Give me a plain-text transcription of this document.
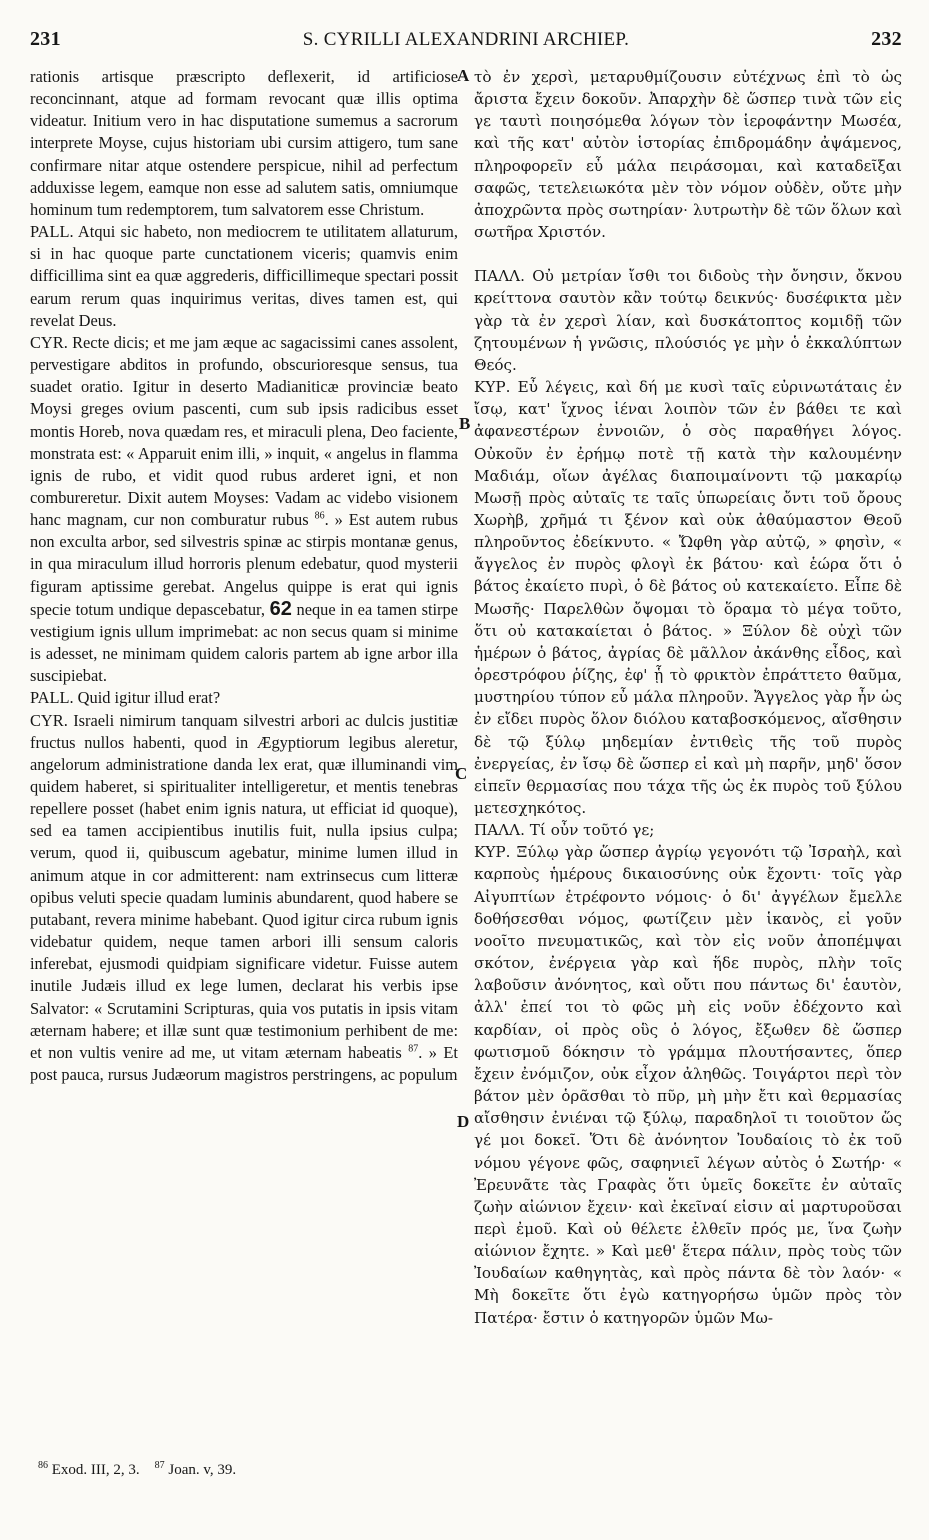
231	S. CYRILLI ALEXANDRINI ARCHIEP.	232

rationis artisque præscripto deflexerit, id artificiose reconcinnant, atque ad formam revocant quæ illis optima videatur. Initium vero in hac disputatione sumemus a sacrorum interprete Moyse, cujus historiam ubi cursim attigero, tum sane confirmare nitar atque ostendere perspicue, nihil ad perfectum adduxisse legem, eamque non esse ad salutem satis, omniumque hominum tum redemptorem, tum salvatorem esse Christum.

PALL. Atqui sic habeto, non mediocrem te utilitatem allaturum, si in hac quoque parte cunctationem viceris; quamvis enim difficillima sint ea quæ aggrederis, difficillimeque spectari possit earum rerum quas inquirimus veritas, dives tamen est, qui revelat Deus.

CYR. Recte dicis; et me jam æque ac sagacissimi canes assolent, pervestigare abditos in profundo, obscurioresque sensus, tua suadet oratio. Igitur in deserto Madianiticæ provinciæ beato Moysi greges ovium pascenti, cum sub ipsis radicibus esset montis Horeb, nova quædam res, et miraculi plena, Deo faciente, monstrata est: « Apparuit enim illi, » inquit, « angelus in flamma ignis de rubo, et vidit quod rubus arderet igni, et non combureretur. Dixit autem Moyses: Vadam ac videbo visionem hanc magnam, cur non comburatur rubus $^{86}$. » Est autem rubus non exculta arbor, sed silvestris spinæ ac stirpis montanæ genus, in qua miraculum illud horroris plenum edebatur, quod mysterii figuram aptissime gerebat. Angelus quippe is erat qui ignis specie totum undique depascebatur, 62 neque in ea tamen stirpe vestigium ignis ullum imprimebat: ac non secus quam si minime is adesset, ne minimam quidem caloris partem ab igne arbor illa suscipiebat.

PALL. Quid igitur illud erat?

CYR. Israeli nimirum tanquam silvestri arbori ac dulcis justitiæ fructus nullos habenti, quod in Ægyptiorum legibus aleretur, angelorum administratione danda lex erat, quæ illuminandi vim quidem haberet, si spiritualiter intelligeretur, et mentis tenebras repellere posset (habet enim ignis natura, ut efficiat id quoque), sed ea tamen accipientibus inutilis fuit, nulla ipsius culpa; verum, quod ii, quibuscum agebatur, minime lumen illud in animum atque in cor admitterent: nam extrinsecus cum litteræ opibus veluti specie quadam luminis abundarent, quod habere se putabant, revera minime habebant. Quod igitur circa rubum ignis videbatur quidem, neque tamen arbori illi sensum caloris inferebat, ejusmodi quidpiam significare videtur. Fuisse autem inutile Judæis illud ex lege lumen, declarat his verbis ipse Salvator: « Scrutamini Scripturas, quia vos putatis in ipsis vitam æternam habere; et illæ sunt quæ testimonium perhibent de me: et non vultis venire ad me, ut vitam æternam habeatis $^{87}$. » Et post pauca, rursus Judæorum magistros perstringens, ac populum

A
B
C
D

τὸ ἐν χερσὶ, μεταρυθμίζουσιν εὐτέχνως ἐπὶ τὸ ὡς ἄριστα ἔχειν δοκοῦν. Ἀπαρχὴν δὲ ὥσπερ τινὰ τῶν εἰς γε ταυτὶ ποιησόμεθα λόγων τὸν ἱεροφάντην Μωσέα, καὶ τῆς κατ' αὐτὸν ἱστορίας ἐπιδρομάδην ἀψάμενος, πληροφορεῖν εὖ μάλα πειράσομαι, καὶ καταδεῖξαι σαφῶς, τετελειωκότα μὲν τὸν νόμον οὐδὲν, οὔτε μὴν ἀποχρῶντα πρὸς σωτηρίαν· λυτρωτὴν δὲ τῶν ὅλων καὶ σωτῆρα Χριστόν.

ΠΑΛΛ. Οὐ μετρίαν ἴσθι τοι διδοὺς τὴν ὄνησιν, ὄκνου κρείττονα σαυτὸν κἂν τούτῳ δεικνύς· δυσέφικτα μὲν γὰρ τὰ ἐν χερσὶ λίαν, καὶ δυσκάτοπτος κομιδῇ τῶν ζητουμένων ἡ γνῶσις, πλούσιός γε μὴν ὁ ἐκκαλύπτων Θεός.

ΚΥΡ. Εὖ λέγεις, καὶ δή με κυσὶ ταῖς εὐρινωτάταις ἐν ἴσῳ, κατ' ἴχνος ἰέναι λοιπὸν τῶν ἐν βάθει τε καὶ ἀφανεστέρων ἐννοιῶν, ὁ σὸς παραθήγει λόγος. Οὐκοῦν ἐν ἐρήμῳ ποτὲ τῇ κατὰ τὴν καλουμένην Μαδιάμ, οἴων ἀγέλας διαποιμαίνοντι τῷ μακαρίῳ Μωσῇ πρὸς αὐταῖς τε ταῖς ὑπωρείαις ὄντι τοῦ ὄρους Χωρὴβ, χρῆμά τι ξένον καὶ οὐκ ἀθαύμαστον Θεοῦ πληροῦντος ἐδείκνυτο. « Ὤφθη γὰρ αὐτῷ, » φησὶν, « ἄγγελος ἐν πυρὸς φλογὶ ἐκ βάτου· καὶ ἑώρα ὅτι ὁ βάτος ἐκαίετο πυρὶ, ὁ δὲ βάτος οὐ κατεκαίετο. Εἶπε δὲ Μωσῆς· Παρελθὼν ὄψομαι τὸ ὅραμα τὸ μέγα τοῦτο, ὅτι οὐ κατακαίεται ὁ βάτος. » Ξύλον δὲ οὐχὶ τῶν ἡμέρων ὁ βάτος, ἀγρίας δὲ μᾶλλον ἀκάνθης εἶδος, καὶ ὀρεστρόφου ῥίζης, ἐφ' ᾗ τὸ φρικτὸν ἐπράττετο θαῦμα, μυστηρίου τύπον εὖ μάλα πληροῦν. Ἄγγελος γὰρ ἦν ὡς ἐν εἴδει πυρὸς ὅλον διόλου καταβοσκόμενος, αἴσθησιν δὲ τῷ ξύλῳ μηδεμίαν ἐντιθεὶς τῆς τοῦ πυρὸς ἐνεργείας, ἐν ἴσῳ δὲ ὥσπερ εἰ καὶ μὴ παρῆν, μηδ' ὅσον εἰπεῖν θερμασίας που τάχα τῆς ὡς ἐκ πυρὸς τοῦ ξύλου μετεσχηκότος.

ΠΑΛΛ. Τί οὖν τοῦτό γε;

ΚΥΡ. Ξύλῳ γὰρ ὥσπερ ἀγρίῳ γεγονότι τῷ Ἰσραὴλ, καὶ καρποὺς ἡμέρους δικαιοσύνης οὐκ ἔχοντι· τοῖς γὰρ Αἰγυπτίων ἐτρέφοντο νόμοις· ὁ δι' ἀγγέλων ἔμελλε δοθήσεσθαι νόμος, φωτίζειν μὲν ἱκανὸς, εἰ γοῦν νοοῖτο πνευματικῶς, καὶ τὸν εἰς νοῦν ἀποπέμψαι σκότον, ἐνέργεια γὰρ καὶ ἥδε πυρὸς, πλὴν τοῖς λαβοῦσιν ἀνόνητος, καὶ οὔτι που πάντως δι' ἑαυτὸν, ἀλλ' ἐπεί τοι τὸ φῶς μὴ εἰς νοῦν ἐδέχοντο καὶ καρδίαν, οἱ πρὸς οὓς ὁ λόγος, ἔξωθεν δὲ ὥσπερ φωτισμοῦ δόκησιν τὸ γράμμα πλουτήσαντες, ὅπερ ἔχειν ἐνόμιζον, οὐκ εἶχον ἀληθῶς. Τοιγάρτοι περὶ τὸν βάτον μὲν ὁρᾶσθαι τὸ πῦρ, μὴ μὴν ἔτι καὶ θερμασίας αἴσθησιν ἐνιέναι τῷ ξύλῳ, παραδηλοῖ τι τοιοῦτον ὥς γέ μοι δοκεῖ. Ὅτι δὲ ἀνόνητον Ἰουδαίοις τὸ ἐκ τοῦ νόμου γέγονε φῶς, σαφηνιεῖ λέγων αὐτὸς ὁ Σωτήρ· « Ἐρευνᾶτε τὰς Γραφὰς ὅτι ὑμεῖς δοκεῖτε ἐν αὐταῖς ζωὴν αἰώνιον ἔχειν· καὶ ἐκεῖναί εἰσιν αἱ μαρτυροῦσαι περὶ ἐμοῦ. Καὶ οὐ θέλετε ἐλθεῖν πρός με, ἵνα ζωὴν αἰώνιον ἔχητε. » Καὶ μεθ' ἕτερα πάλιν, πρὸς τοὺς τῶν Ἰουδαίων καθηγητὰς, καὶ πρὸς πάντα δὲ τὸν λαόν· « Μὴ δοκεῖτε ὅτι ἐγὼ κατηγορήσω ὑμῶν πρὸς τὸν Πατέρα· ἔστιν ὁ κατηγορῶν ὑμῶν Μω-

$^{86}$ Exod. III, 2, 3. $^{87}$ Joan. v, 39.
